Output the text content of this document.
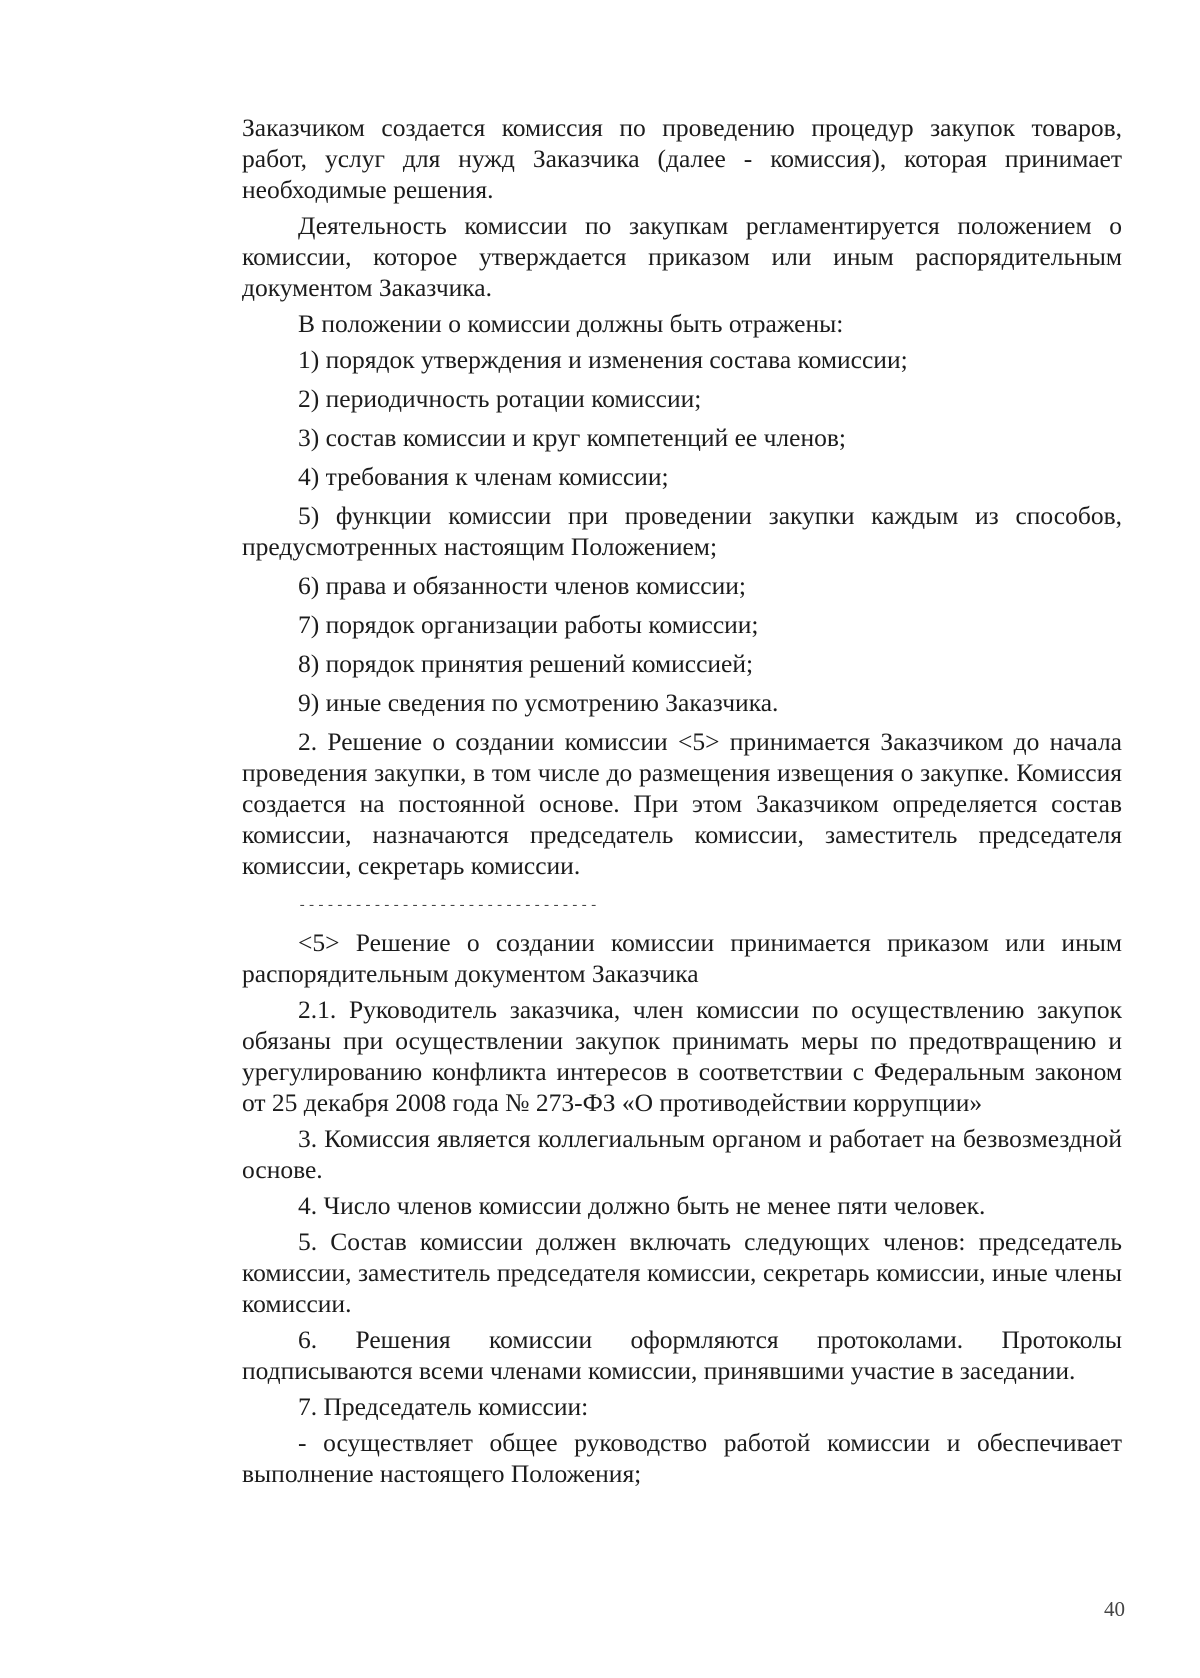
Заказчиком создается комиссия по проведению процедур закупок товаров, работ, услуг для нужд Заказчика (далее - комиссия), которая принимает необходимые решения.

Деятельность комиссии по закупкам регламентируется положением о комиссии, которое утверждается приказом или иным распорядительным документом Заказчика.

В положении о комиссии должны быть отражены:

1) порядок утверждения и изменения состава комиссии;

2) периодичность ротации комиссии;

3) состав комиссии и круг компетенций ее членов;

4) требования к членам комиссии;

5) функции комиссии при проведении закупки каждым из способов, предусмотренных настоящим Положением;

6) права и обязанности членов комиссии;

7) порядок организации работы комиссии;

8) порядок принятия решений комиссией;

9) иные сведения по усмотрению Заказчика.

2. Решение о создании комиссии <5> принимается Заказчиком до начала проведения закупки, в том числе до размещения извещения о закупке. Комиссия создается на постоянной основе. При этом Заказчиком определяется состав комиссии, назначаются председатель комиссии, заместитель председателя комиссии, секретарь комиссии.

--------------------------------

<5> Решение о создании комиссии принимается приказом или иным распорядительным документом Заказчика

2.1. Руководитель заказчика, член комиссии по осуществлению закупок обязаны при осуществлении закупок принимать меры по предотвращению и урегулированию конфликта интересов в соответствии с Федеральным законом от 25 декабря 2008 года № 273-ФЗ «О противодействии коррупции»

3. Комиссия является коллегиальным органом и работает на безвозмездной основе.

4. Число членов комиссии должно быть не менее пяти человек.

5. Состав комиссии должен включать следующих членов: председатель комиссии, заместитель председателя комиссии, секретарь комиссии, иные члены комиссии.

6. Решения комиссии оформляются протоколами. Протоколы подписываются всеми членами комиссии, принявшими участие в заседании.

7. Председатель комиссии:

- осуществляет общее руководство работой комиссии и обеспечивает выполнение настоящего Положения;

40
